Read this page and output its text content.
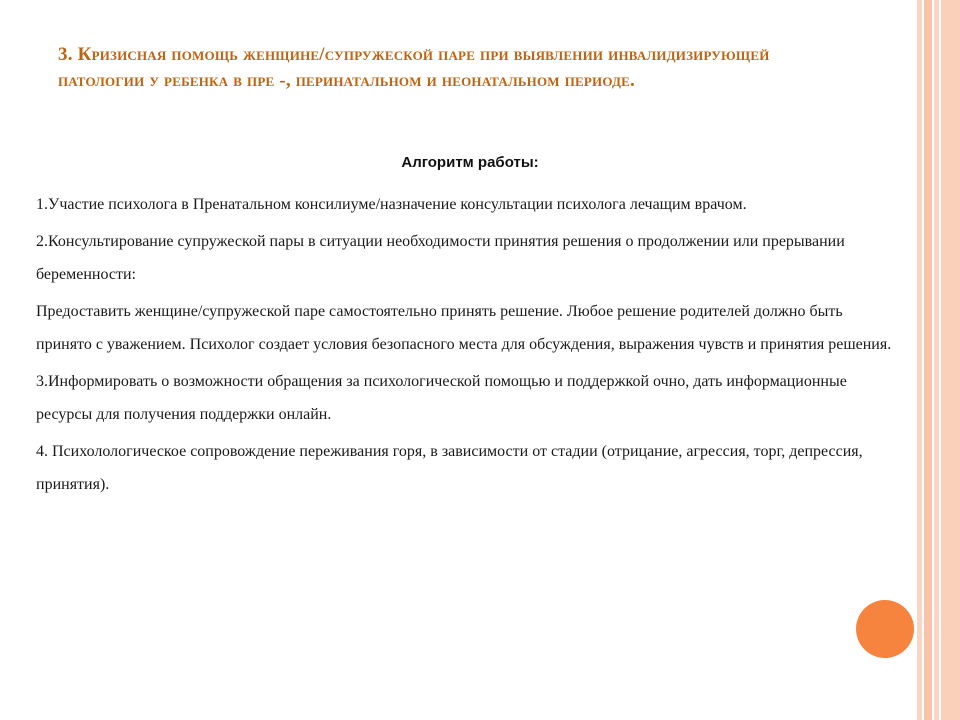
3. Кризисная помощь женщине/супружеской паре при выявлении инвалидизирующей патологии у ребенка в пре -, перинатальном и неонатальном периоде.
Алгоритм работы:

1.Участие психолога в Пренатальном консилиуме/назначение консультации психолога лечащим врачом.

2.Консультирование супружеской пары в ситуации необходимости принятия решения о продолжении или прерывании беременности:

Предоставить женщине/супружеской паре самостоятельно принять решение. Любое решение родителей должно быть принято с уважением. Психолог создает условия безопасного места для обсуждения, выражения чувств и принятия решения.

3.Информировать о возможности обращения за психологической помощью и поддержкой очно, дать информационные ресурсы для получения поддержки онлайн.

4. Психолологическое сопровождение переживания горя, в зависимости от стадии (отрицание, агрессия, торг, депрессия, принятия).
